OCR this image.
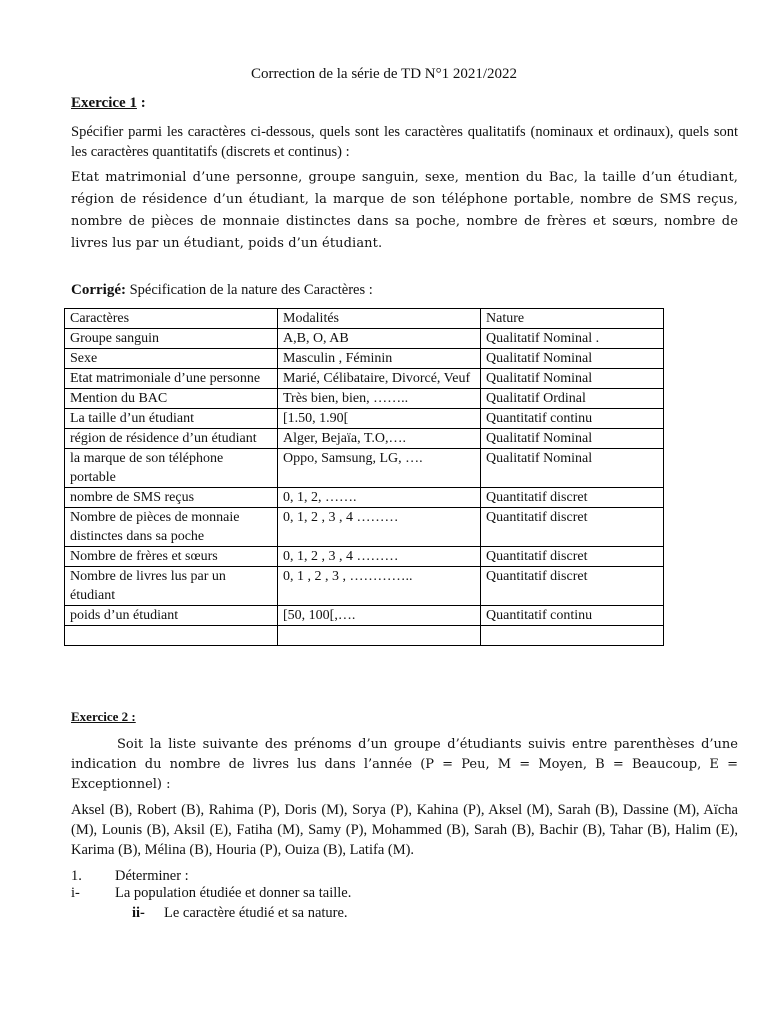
Correction de la série de TD N°1 2021/2022
Exercice 1 :
Spécifier parmi les caractères ci-dessous, quels sont les caractères qualitatifs (nominaux et ordinaux), quels sont les caractères quantitatifs (discrets et continus) :
Etat matrimonial d’une personne, groupe sanguin, sexe, mention du Bac, la taille d’un étudiant, région de résidence d’un étudiant, la marque de son téléphone portable, nombre de SMS reçus, nombre de pièces de monnaie distinctes dans sa poche, nombre de frères et sœurs, nombre de livres lus par un étudiant, poids d’un étudiant.
Corrigé: Spécification de la nature des Caractères :
Caractères	Modalités	Nature
Groupe sanguin	A,B, O, AB	Qualitatif Nominal .
Sexe	Masculin , Féminin	Qualitatif Nominal
Etat matrimoniale d’une personne	Marié, Célibataire, Divorcé, Veuf	Qualitatif Nominal
Mention du BAC	Très bien, bien, ……..	Qualitatif Ordinal
La taille d’un étudiant	[1.50, 1.90[	Quantitatif continu
région de résidence d’un étudiant	Alger, Bejaïa, T.O,….	Qualitatif Nominal
la marque de son téléphone portable	Oppo, Samsung, LG, ….	Qualitatif Nominal
nombre de SMS reçus	0, 1, 2, …….	Quantitatif discret
Nombre de pièces de monnaie distinctes dans sa poche	0, 1, 2 , 3 , 4 ………	Quantitatif discret
Nombre de frères et sœurs	0, 1, 2 , 3 , 4 ………	Quantitatif discret
Nombre de livres lus par un étudiant	0, 1 , 2 , 3 , …………..	Quantitatif discret
poids d’un étudiant	[50, 100[,….	Quantitatif continu

Exercice 2 :
Soit la liste suivante des prénoms d’un groupe d’étudiants suivis entre parenthèses d’une indication du nombre de livres lus dans l’année (P = Peu, M = Moyen, B = Beaucoup, E = Exceptionnel) :
Aksel (B), Robert (B), Rahima (P), Doris (M), Sorya (P), Kahina (P), Aksel (M), Sarah (B), Dassine (M), Aïcha (M), Lounis (B), Aksil (E), Fatiha (M), Samy (P), Mohammed (B), Sarah (B), Bachir (B), Tahar (B), Halim (E), Karima (B), Mélina (B), Houria (P), Ouiza (B), Latifa (M).
1. Déterminer :
i- La population étudiée et donner sa taille.
ii- Le caractère étudié et sa nature.
